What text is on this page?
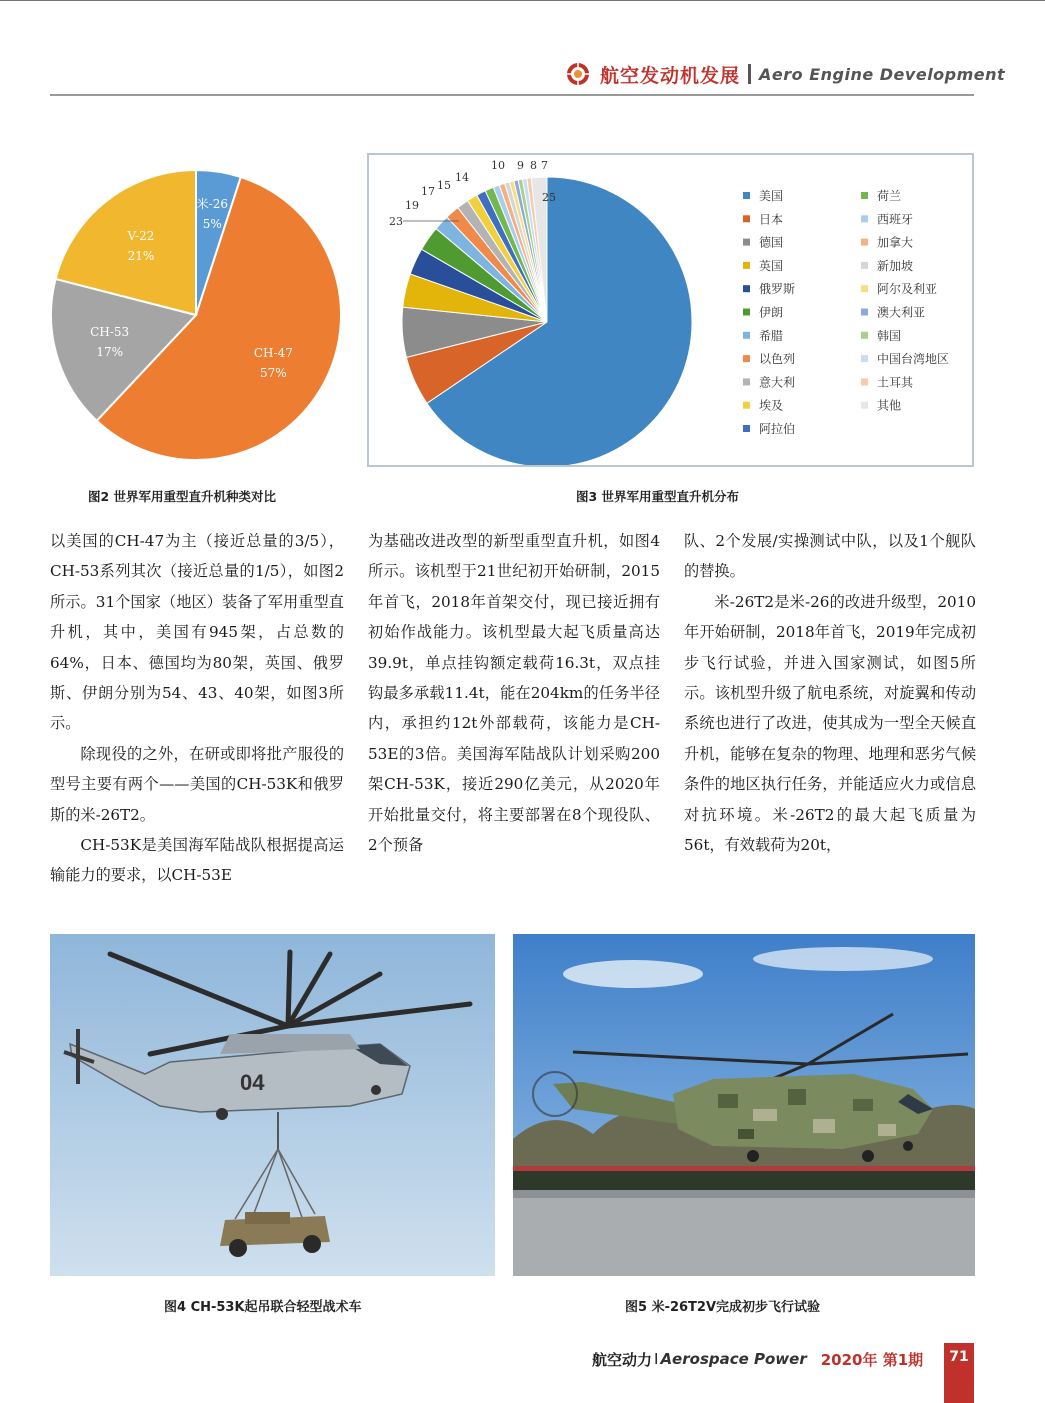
航空发动机发展 Aero Engine Development
米-26
5%
CH-47
57%
CH-53
17%
V-22
21%
图2 世界军用重型直升机种类对比
25
23
19
17 15
14
10 9 8 7
美国
日本
德国
英国
俄罗斯
伊朗
希腊
以色列
意大利
埃及
阿拉伯
荷兰
西班牙
加拿大
新加坡
阿尔及利亚
澳大利亚
韩国
中国台湾地区
土耳其
其他
图3 世界军用重型直升机分布

以美国的CH-47为主（接近总量的3/5），CH-53系列其次（接近总量的1/5），如图2所示。31个国家（地区）装备了军用重型直升机，其中，美国有945架，占总数的64%，日本、德国均为80架，英国、俄罗斯、伊朗分别为54、43、40架，如图3所示。

除现役的之外，在研或即将批产服役的型号主要有两个——美国的CH-53K和俄罗斯的米-26T2。

CH-53K是美国海军陆战队根据提高运输能力的要求，以CH-53E

为基础改进改型的新型重型直升机，如图4所示。该机型于21世纪初开始研制，2015年首飞，2018年首架交付，现已接近拥有初始作战能力。该机型最大起飞质量高达39.9t，单点挂钩额定载荷16.3t，双点挂钩最多承载11.4t，能在204km的任务半径内，承担约12t外部载荷，该能力是CH-53E的3倍。美国海军陆战队计划采购200架CH-53K，接近290亿美元，从2020年开始批量交付，将主要部署在8个现役队、2个预备

队、2个发展/实操测试中队，以及1个舰队的替换。

米-26T2是米-26的改进升级型，2010年开始研制，2018年首飞，2019年完成初步飞行试验，并进入国家测试，如图5所示。该机型升级了航电系统，对旋翼和传动系统也进行了改进，使其成为一型全天候直升机，能够在复杂的物理、地理和恶劣气候条件的地区执行任务，并能适应火力或信息对抗环境。米-26T2的最大起飞质量为56t，有效载荷为20t，

04
图4 CH-53K起吊联合轻型战术车	图5 米-26T2V完成初步飞行试验
航空动力 I Aerospace Power 2020年 第1期	71
